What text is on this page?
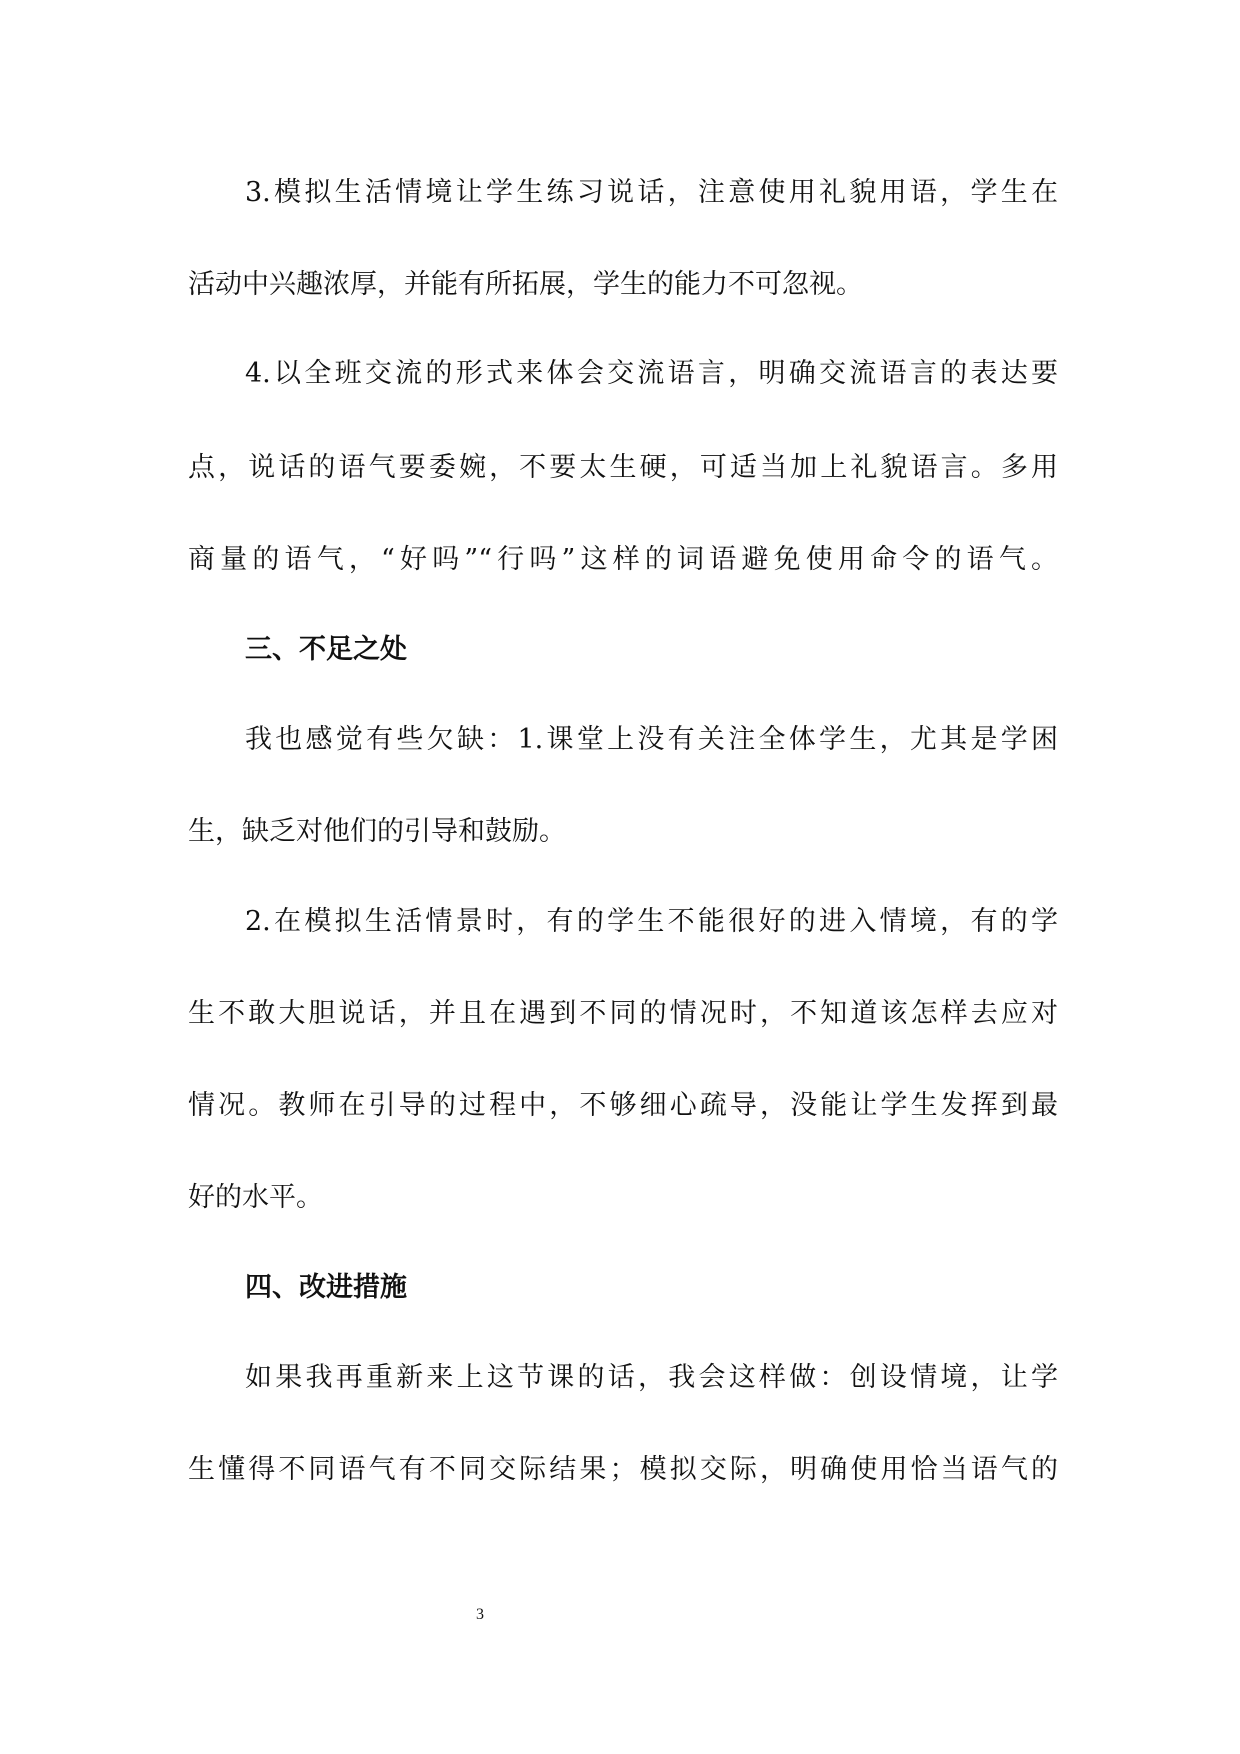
3.模拟生活情境让学生练习说话，注意使用礼貌用语，学生在
活动中兴趣浓厚，并能有所拓展，学生的能力不可忽视。
4.以全班交流的形式来体会交流语言，明确交流语言的表达要
点，说话的语气要委婉，不要太生硬，可适当加上礼貌语言。多用
商量的语气，“好吗”“行吗”这样的词语避免使用命令的语气。
三、不足之处
我也感觉有些欠缺：1.课堂上没有关注全体学生，尤其是学困
生，缺乏对他们的引导和鼓励。
2.在模拟生活情景时，有的学生不能很好的进入情境，有的学
生不敢大胆说话，并且在遇到不同的情况时，不知道该怎样去应对
情况。教师在引导的过程中，不够细心疏导，没能让学生发挥到最
好的水平。
四、改进措施
如果我再重新来上这节课的话，我会这样做：创设情境，让学
生懂得不同语气有不同交际结果；模拟交际，明确使用恰当语气的
3
